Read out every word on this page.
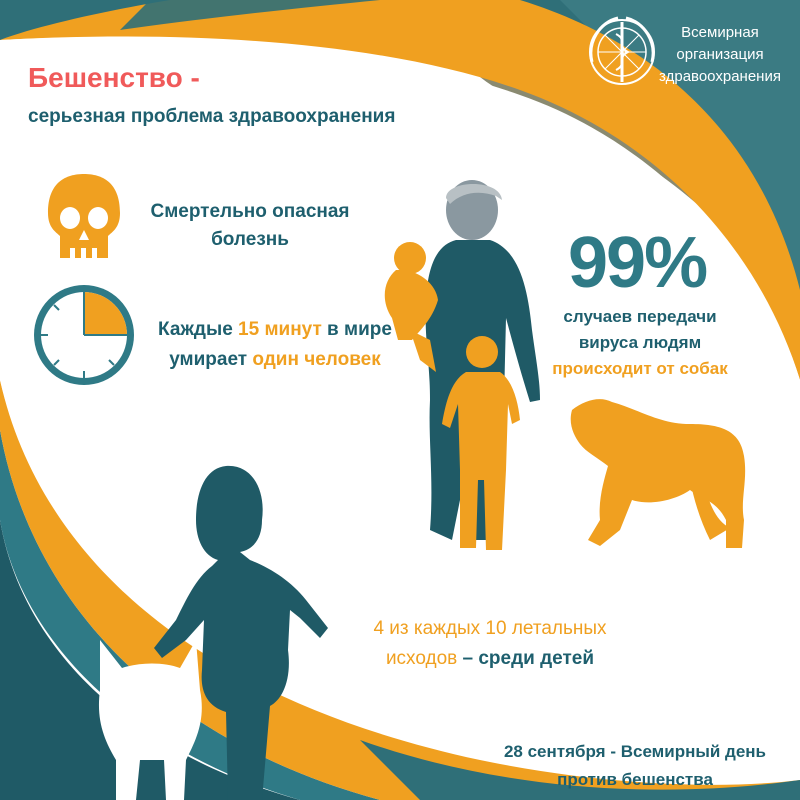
Всемирная
организация
здравоохранения
Бешенство -
серьезная проблема здравоохранения
Смертельно опасная
болезнь
Каждые 15 минут в мире
умирает один человек
99%
случаев передачи
вируса людям
происходит от собак
4 из каждых 10 летальных
исходов – среди детей
28 сентября - Всемирный день
против бешенства
